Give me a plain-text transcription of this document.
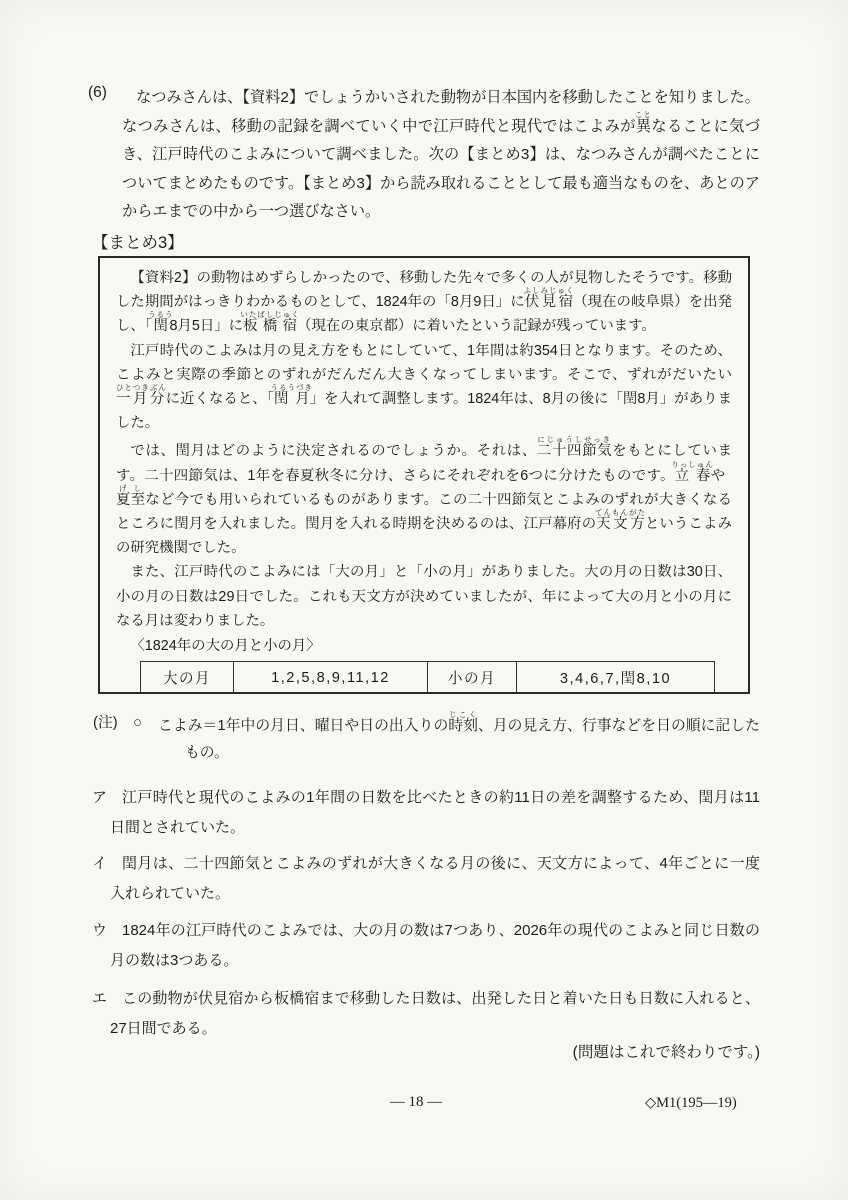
(6)	なつみさんは、【資料2】でしょうかいされた動物が日本国内を移動したことを知りました。なつみさんは、移動の記録を調べていく中で江戸時代と現代ではこよみが異ことなることに気づき、江戸時代のこよみについて調べました。次の【まとめ3】は、なつみさんが調べたことについてまとめたものです。【まとめ3】から読み取れることとして最も適当なものを、あとのアからエまでの中から一つ選びなさい。

【まとめ3】

【資料2】の動物はめずらしかったので、移動した先々で多くの人が見物したそうです。移動した期間がはっきりわかるものとして、1824年の「8月9日」に伏見宿ふしみじゅく（現在の岐阜県）を出発し、「閏うるう8月5日」に板橋宿いたばしじゅく（現在の東京都）に着いたという記録が残っています。

江戸時代のこよみは月の見え方をもとにしていて、1年間は約354日となります。そのため、こよみと実際の季節とのずれがだんだん大きくなってしまいます。そこで、ずれがだいたい一月分ひとつきぶんに近くなると、「閏月うるうづき」を入れて調整します。1824年は、8月の後に「閏8月」がありました。

では、閏月はどのように決定されるのでしょうか。それは、二十四節気にじゅうしせっきをもとにしています。二十四節気は、1年を春夏秋冬に分け、さらにそれぞれを6つに分けたものです。立春りっしゅんや夏至げしなど今でも用いられているものがあります。この二十四節気とこよみのずれが大きくなるところに閏月を入れました。閏月を入れる時期を決めるのは、江戸幕府の天文方てんもんがたというこよみの研究機関でした。

また、江戸時代のこよみには「大の月」と「小の月」がありました。大の月の日数は30日、小の月の日数は29日でした。これも天文方が決めていましたが、年によって大の月と小の月になる月は変わりました。

〈1824年の大の月と小の月〉

大の月	1,2,5,8,9,11,12	小の月	3,4,6,7,閏8,10
(注) ○ こよみ＝1年中の月日、曜日や日の出入りの時刻じこく、月の見え方、行事などを日の順に記したもの。

ア 江戸時代と現代のこよみの1年間の日数を比べたときの約11日の差を調整するため、閏月は11日間とされていた。

イ 閏月は、二十四節気とこよみのずれが大きくなる月の後に、天文方によって、4年ごとに一度入れられていた。

ウ 1824年の江戸時代のこよみでは、大の月の数は7つあり、2026年の現代のこよみと同じ日数の月の数は3つある。

エ この動物が伏見宿から板橋宿まで移動した日数は、出発した日と着いた日も日数に入れると、27日間である。

(問題はこれで終わりです。)

— 18 —	◇M1(195—19)
